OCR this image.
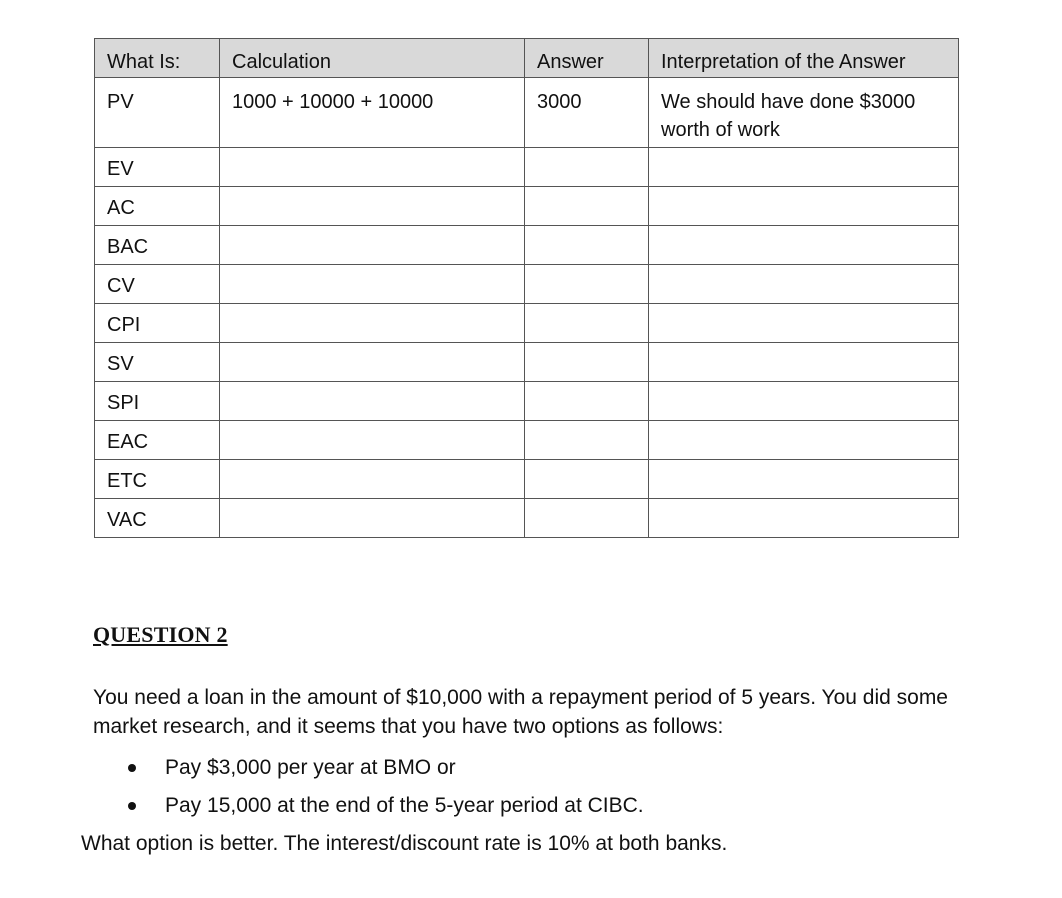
What Is:	Calculation	Answer	Interpretation of the Answer
PV	1000 + 10000 + 10000	3000	We should have done $3000 worth of work
EV			
AC			
BAC			
CV			
CPI			
SV			
SPI			
EAC			
ETC			
VAC			
QUESTION 2

You need a loan in the amount of $10,000 with a repayment period of 5 years. You did some market research, and it seems that you have two options as follows:

Pay $3,000 per year at BMO or
Pay 15,000 at the end of the 5-year period at CIBC.

What option is better. The interest/discount rate is 10% at both banks.
